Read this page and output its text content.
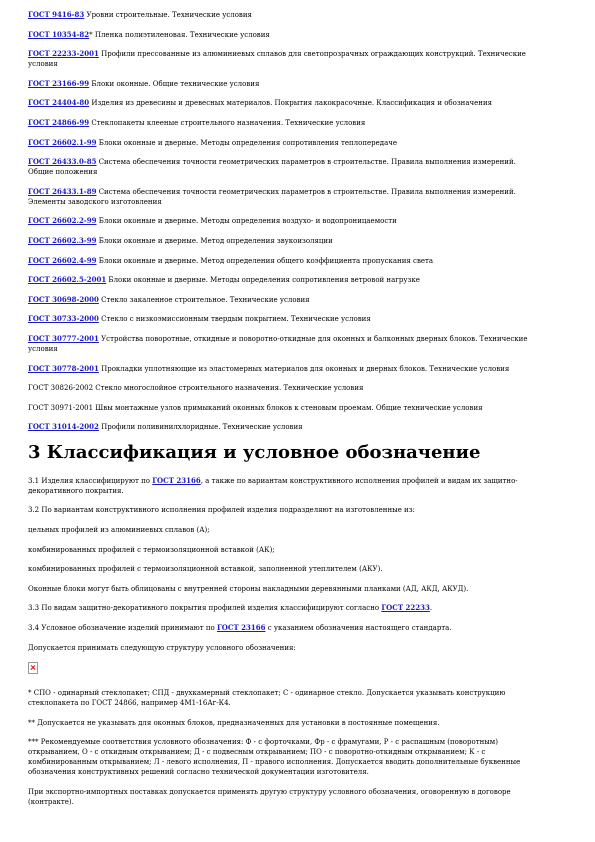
ГОСТ 9416-83 Уровни строительные. Технические условия
ГОСТ 10354-82* Пленка полиэтиленовая. Технические условия
ГОСТ 22233-2001 Профили прессованные из алюминиевых сплавов для светопрозрачных ограждающих конструкций. Технические условия
ГОСТ 23166-99 Блоки оконные. Общие технические условия
ГОСТ 24404-80 Изделия из древесины и древесных материалов. Покрытия лакокрасочные. Классификация и обозначения
ГОСТ 24866-99 Стеклопакеты клееные строительного назначения. Технические условия
ГОСТ 26602.1-99 Блоки оконные и дверные. Методы определения сопротивления теплопередаче
ГОСТ 26433.0-85 Система обеспечения точности геометрических параметров в строительстве. Правила выполнения измерений. Общие положения
ГОСТ 26433.1-89 Система обеспечения точности геометрических параметров в строительстве. Правила выполнения измерений. Элементы заводского изготовления
ГОСТ 26602.2-99 Блоки оконные и дверные. Методы определения воздухо- и водопроницаемости
ГОСТ 26602.3-99 Блоки оконные и дверные. Метод определения звукоизоляции
ГОСТ 26602.4-99 Блоки оконные и дверные. Метод определения общего коэффициента пропускания света
ГОСТ 26602.5-2001 Блоки оконные и дверные. Методы определения сопротивления ветровой нагрузке
ГОСТ 30698-2000 Стекло закаленное строительное. Технические условия
ГОСТ 30733-2000 Стекло с низкоэмиссионным твердым покрытием. Технические условия
ГОСТ 30777-2001 Устройства поворотные, откидные и поворотно-откидные для оконных и балконных дверных блоков. Технические условия
ГОСТ 30778-2001 Прокладки уплотняющие из эластомерных материалов для оконных и дверных блоков. Технические условия
ГОСТ 30826-2002 Стекло многослойное строительного назначения. Технические условия
ГОСТ 30971-2001 Швы монтажные узлов примыканий оконных блоков к стеновым проемам. Общие технические условия
ГОСТ 31014-2002 Профили поливинилхлоридные. Технические условия
3 Классификация и условное обозначение
3.1 Изделия классифицируют по ГОСТ 23166, а также по вариантам конструктивного исполнения профилей и видам их защитно-декоративного покрытия.
3.2 По вариантам конструктивного исполнения профилей изделия подразделяют на изготовленные из:
цельных профилей из алюминиевых сплавов (А);
комбинированных профилей с термоизоляционной вставкой (АК);
комбинированных профилей с термоизоляционной вставкой, заполненной утеплителем (АКУ).
Оконные блоки могут быть облицованы с внутренней стороны накладными деревянными планками (АД, АКД, АКУД).
3.3 По видам защитно-декоративного покрытия профилей изделия классифицируют согласно ГОСТ 22233.
3.4 Условное обозначение изделий принимают по ГОСТ 23166 с указанием обозначения настоящего стандарта.
Допускается принимать следующую структуру условного обозначения:
* СПО - одинарный стеклопакет; СПД - двухкамерный стеклопакет; С - одинарное стекло. Допускается указывать конструкцию стеклопакета по ГОСТ 24866, например 4М1-16Аг-К4.
** Допускается не указывать для оконных блоков, предназначенных для установки в постоянные помещения.
*** Рекомендуемые соответствия условного обозначения: Ф - с форточками, Фр - с фрамугами, Р - с распашным (поворотным) открыванием, О - с откидным открыванием; Д - с подвесным открыванием; ПО - с поворотно-откидным открыванием; К - с комбинированным открыванием; Л - левого исполнения, П - правого исполнения. Допускается вводить дополнительные буквенные обозначения конструктивных решений согласно технической документации изготовителя.
При экспортно-импортных поставках допускается применять другую структуру условного обозначения, оговоренную в договоре (контракте).
